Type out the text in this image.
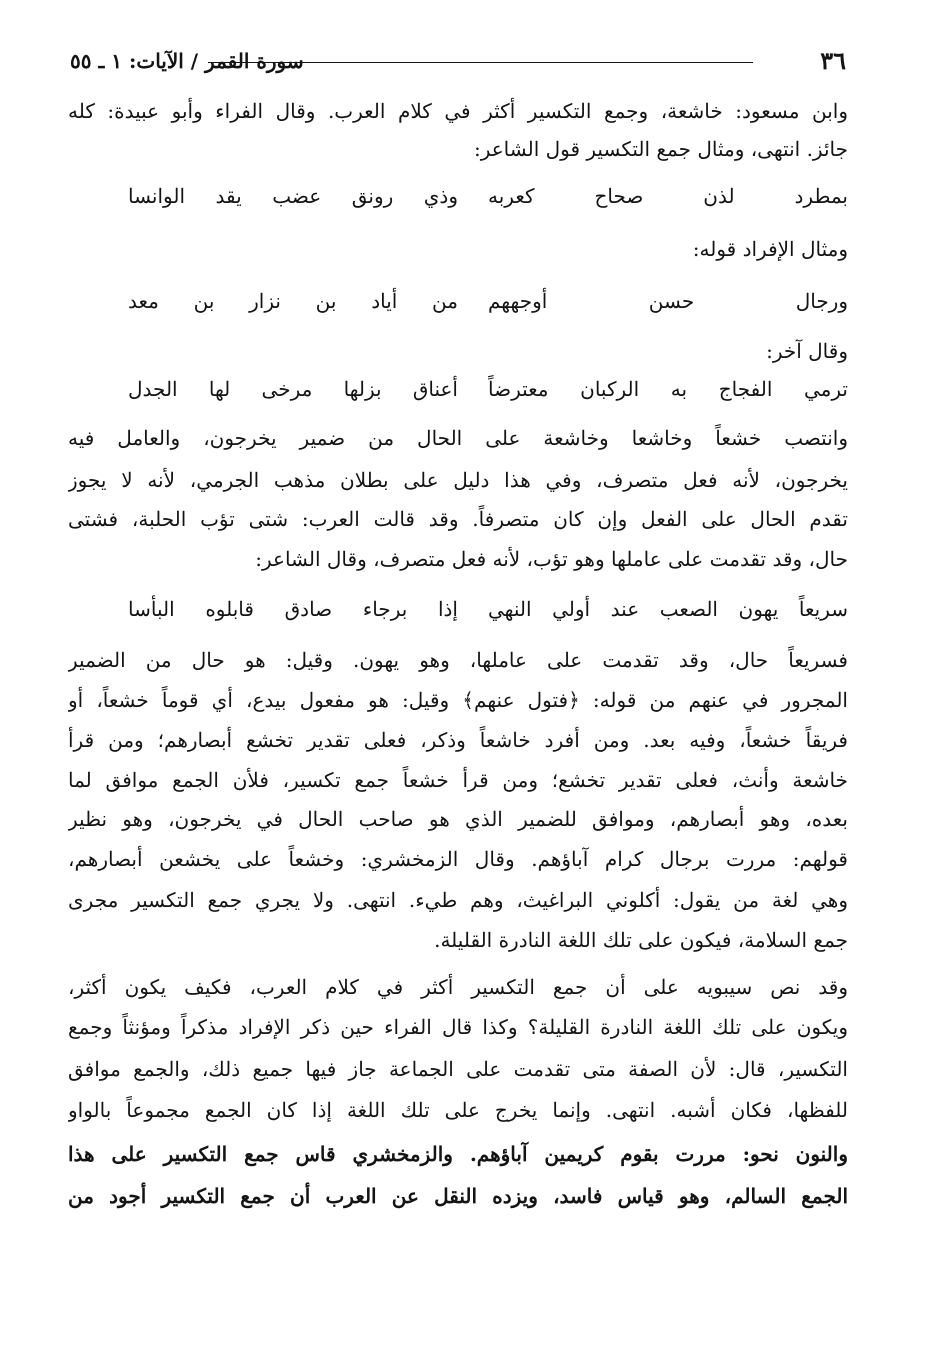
٣٦
سورة القمر / الآيات: ١ ـ ٥٥
وابن مسعود: خاشعة، وجمع التكسير أكثر في كلام العرب. وقال الفراء وأبو عبيدة: كله
جائز. انتهى، ومثال جمع التكسير قول الشاعر:
بمطرد لذن صحاح كعربه
وذي رونق عضب يقد الوانسا
ومثال الإفراد قوله:
ورجال حسن أوجههم
من أياد بن نزار بن معد
وقال آخر:
ترمي الفجاج به الركبان معترضاً
أعناق بزلها مرخى لها الجدل
وانتصب خشعاً وخاشعا وخاشعة على الحال من ضمير يخرجون، والعامل فيه
يخرجون، لأنه فعل متصرف، وفي هذا دليل على بطلان مذهب الجرمي، لأنه لا يجوز
تقدم الحال على الفعل وإن كان متصرفاً. وقد قالت العرب: شتى تؤب الحلبة، فشتى
حال، وقد تقدمت على عاملها وهو تؤب، لأنه فعل متصرف، وقال الشاعر:
سريعاً يهون الصعب عند أولي النهي
إذا برجاء صادق قابلوه البأسا
فسريعاً حال، وقد تقدمت على عاملها، وهو يهون. وقيل: هو حال من الضمير
المجرور في عنهم من قوله: ﴿فتول عنهم﴾ وقيل: هو مفعول بيدع، أي قوماً خشعاً، أو
فريقاً خشعاً، وفيه بعد. ومن أفرد خاشعاً وذكر، فعلى تقدير تخشع أبصارهم؛ ومن قرأ
خاشعة وأنث، فعلى تقدير تخشع؛ ومن قرأ خشعاً جمع تكسير، فلأن الجمع موافق لما
بعده، وهو أبصارهم، وموافق للضمير الذي هو صاحب الحال في يخرجون، وهو نظير
قولهم: مررت برجال كرام آباؤهم. وقال الزمخشري: وخشعاً على يخشعن أبصارهم،
وهي لغة من يقول: أكلوني البراغيث، وهم طيء. انتهى. ولا يجري جمع التكسير مجرى
جمع السلامة، فيكون على تلك اللغة النادرة القليلة.
وقد نص سيبويه على أن جمع التكسير أكثر في كلام العرب، فكيف يكون أكثر،
ويكون على تلك اللغة النادرة القليلة؟ وكذا قال الفراء حين ذكر الإفراد مذكراً ومؤنثاً وجمع
التكسير، قال: لأن الصفة متى تقدمت على الجماعة جاز فيها جميع ذلك، والجمع موافق
للفظها، فكان أشبه. انتهى. وإنما يخرج على تلك اللغة إذا كان الجمع مجموعاً بالواو
والنون نحو: مررت بقوم كريمين آباؤهم. والزمخشري قاس جمع التكسير على هذا
الجمع السالم، وهو قياس فاسد، ويزده النقل عن العرب أن جمع التكسير أجود من
